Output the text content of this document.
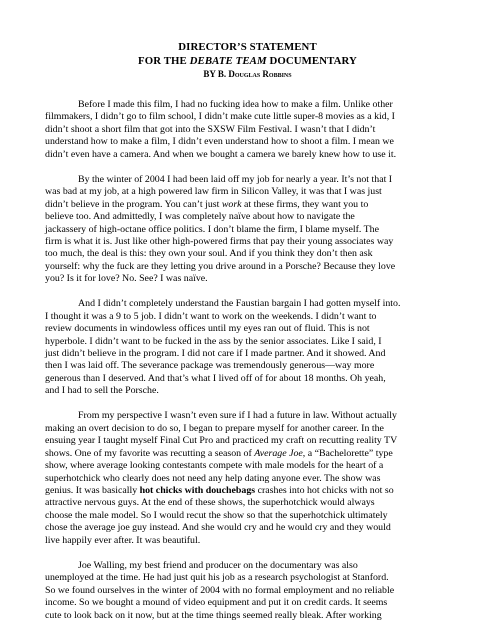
DIRECTOR’S STATEMENT
FOR THE DEBATE TEAM DOCUMENTARY
BY B. Douglas Robbins

Before I made this film, I had no fucking idea how to make a film. Unlike other
filmmakers, I didn’t go to film school, I didn’t make cute little super-8 movies as a kid, I
didn’t shoot a short film that got into the SXSW Film Festival. I wasn’t that I didn’t
understand how to make a film, I didn’t even understand how to shoot a film. I mean we
didn’t even have a camera. And when we bought a camera we barely knew how to use it.

By the winter of 2004 I had been laid off my job for nearly a year. It’s not that I
was bad at my job, at a high powered law firm in Silicon Valley, it was that I was just
didn’t believe in the program. You can’t just work at these firms, they want you to
believe too. And admittedly, I was completely naïve about how to navigate the
jackassery of high-octane office politics. I don’t blame the firm, I blame myself. The
firm is what it is. Just like other high-powered firms that pay their young associates way
too much, the deal is this: they own your soul. And if you think they don’t then ask
yourself: why the fuck are they letting you drive around in a Porsche? Because they love
you? Is it for love? No. See? I was naïve.

And I didn’t completely understand the Faustian bargain I had gotten myself into.
I thought it was a 9 to 5 job. I didn’t want to work on the weekends. I didn’t want to
review documents in windowless offices until my eyes ran out of fluid. This is not
hyperbole. I didn’t want to be fucked in the ass by the senior associates. Like I said, I
just didn’t believe in the program. I did not care if I made partner. And it showed. And
then I was laid off. The severance package was tremendously generous—way more
generous than I deserved. And that’s what I lived off of for about 18 months. Oh yeah,
and I had to sell the Porsche.

From my perspective I wasn’t even sure if I had a future in law. Without actually
making an overt decision to do so, I began to prepare myself for another career. In the
ensuing year I taught myself Final Cut Pro and practiced my craft on recutting reality TV
shows. One of my favorite was recutting a season of Average Joe, a “Bachelorette” type
show, where average looking contestants compete with male models for the heart of a
superhotchick who clearly does not need any help dating anyone ever. The show was
genius. It was basically hot chicks with douchebags crashes into hot chicks with not so
attractive nervous guys. At the end of these shows, the superhotchick would always
choose the male model. So I would recut the show so that the superhotchick ultimately
chose the average joe guy instead. And she would cry and he would cry and they would
live happily ever after. It was beautiful.

Joe Walling, my best friend and producer on the documentary was also
unemployed at the time. He had just quit his job as a research psychologist at Stanford.
So we found ourselves in the winter of 2004 with no formal employment and no reliable
income. So we bought a mound of video equipment and put it on credit cards. It seems
cute to look back on it now, but at the time things seemed really bleak. After working
